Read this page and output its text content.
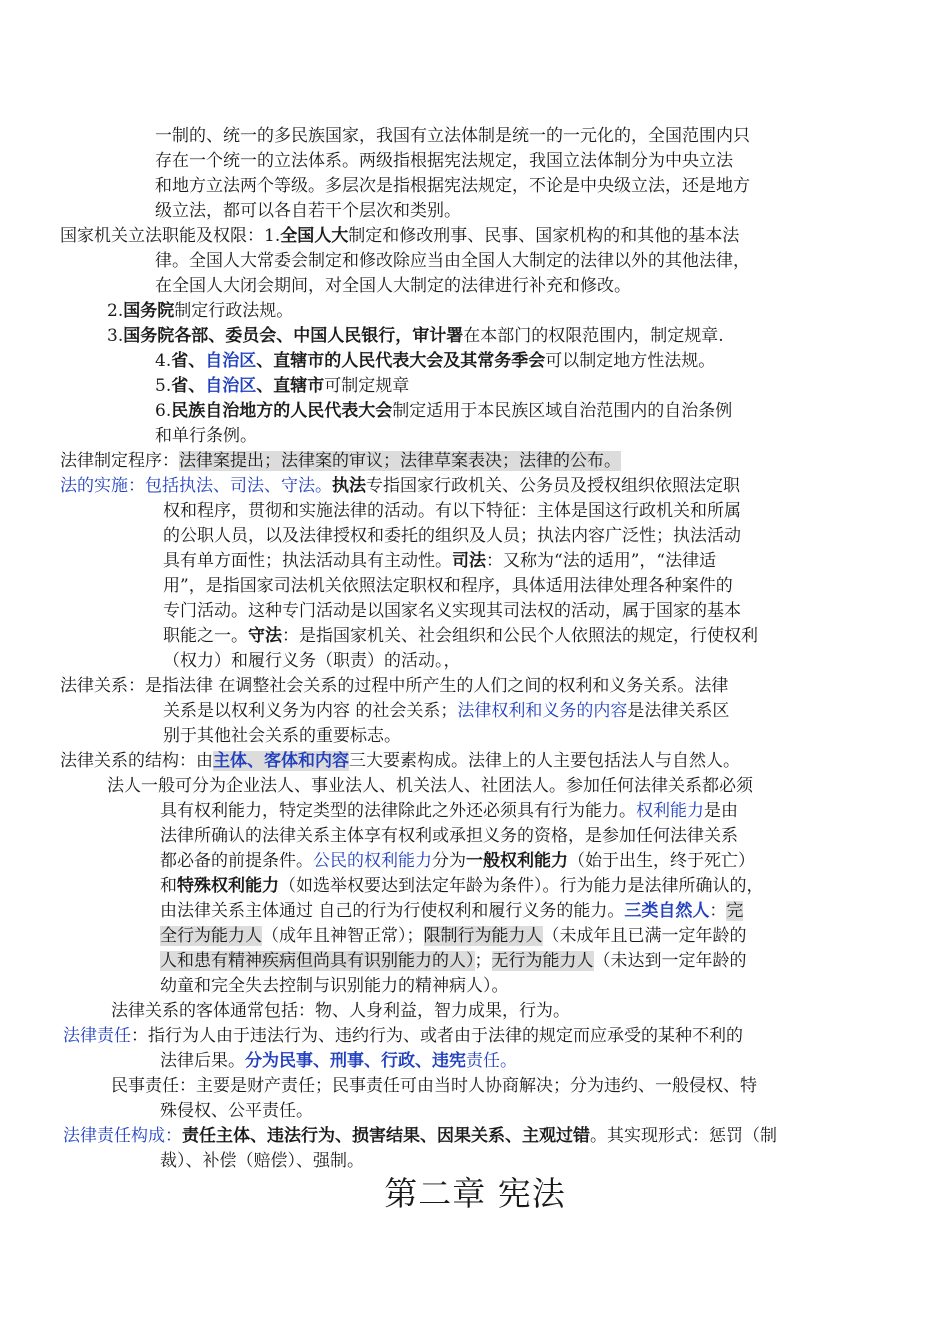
一制的、统一的多民族国家，我国有立法体制是统一的一元化的，全国范围内只
存在一个统一的立法体系。两级指根据宪法规定，我国立法体制分为中央立法
和地方立法两个等级。多层次是指根据宪法规定，不论是中央级立法，还是地方
级立法，都可以各自若干个层次和类别。
国家机关立法职能及权限：1.全国人大制定和修改刑事、民事、国家机构的和其他的基本法
律。全国人大常委会制定和修改除应当由全国人大制定的法律以外的其他法律，
在全国人大闭会期间，对全国人大制定的法律进行补充和修改。
2.国务院制定行政法规。
3.国务院各部、委员会、中国人民银行，审计署在本部门的权限范围内，制定规章.
4.省、自治区、直辖市的人民代表大会及其常务季会可以制定地方性法规。
5.省、自治区、直辖市可制定规章
6.民族自治地方的人民代表大会制定适用于本民族区域自治范围内的自治条例
和单行条例。
法律制定程序：法律案提出；法律案的审议；法律草案表决；法律的公布。
法的实施：包括执法、司法、守法。执法专指国家行政机关、公务员及授权组织依照法定职
权和程序，贯彻和实施法律的活动。有以下特征：主体是国这行政机关和所属
的公职人员，以及法律授权和委托的组织及人员；执法内容广泛性；执法活动
具有单方面性；执法活动具有主动性。司法：又称为“法的适用”，“法律适
用”，是指国家司法机关依照法定职权和程序，具体适用法律处理各种案件的
专门活动。这种专门活动是以国家名义实现其司法权的活动，属于国家的基本
职能之一。守法：是指国家机关、社会组织和公民个人依照法的规定，行使权利
（权力）和履行义务（职责）的活动。，
法律关系：是指法律 在调整社会关系的过程中所产生的人们之间的权利和义务关系。法律
关系是以权利义务为内容 的社会关系；法律权利和义务的内容是法律关系区
别于其他社会关系的重要标志。
法律关系的结构：由主体、客体和内容三大要素构成。法律上的人主要包括法人与自然人。
法人一般可分为企业法人、事业法人、机关法人、社团法人。参加任何法律关系都必须
具有权利能力，特定类型的法律除此之外还必须具有行为能力。权利能力是由
法律所确认的法律关系主体享有权利或承担义务的资格，是参加任何法律关系
都必备的前提条件。公民的权利能力分为一般权利能力（始于出生，终于死亡）
和特殊权利能力（如选举权要达到法定年龄为条件）。行为能力是法律所确认的，
由法律关系主体通过 自己的行为行使权利和履行义务的能力。三类自然人：完
全行为能力人（成年且神智正常）；限制行为能力人（未成年且已满一定年龄的
人和患有精神疾病但尚具有识别能力的人）；无行为能力人（未达到一定年龄的
幼童和完全失去控制与识别能力的精神病人）。
法律关系的客体通常包括：物、人身利益，智力成果，行为。
法律责任：指行为人由于违法行为、违约行为、或者由于法律的规定而应承受的某种不利的
法律后果。分为民事、刑事、行政、违宪责任。
民事责任：主要是财产责任；民事责任可由当时人协商解决；分为违约、一般侵权、特
殊侵权、公平责任。
法律责任构成：责任主体、违法行为、损害结果、因果关系、主观过错。其实现形式：惩罚（制
裁）、补偿（赔偿）、强制。
第二章 宪法
